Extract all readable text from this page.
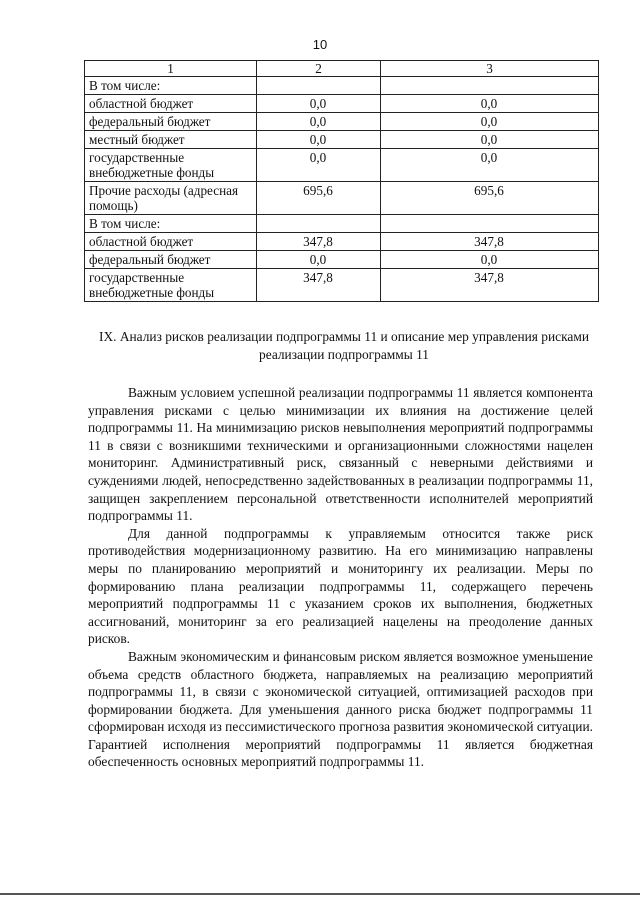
10
1	2	3
В том числе:		
областной бюджет	0,0	0,0
федеральный бюджет	0,0	0,0
местный бюджет	0,0	0,0
государственные внебюджетные фонды	0,0	0,0
Прочие расходы (адресная помощь)	695,6	695,6
В том числе:		
областной бюджет	347,8	347,8
федеральный бюджет	0,0	0,0
государственные внебюджетные фонды	347,8	347,8
IX. Анализ рисков реализации подпрограммы 11 и описание мер управления рисками реализации подпрограммы 11

Важным условием успешной реализации подпрограммы 11 является компонента управления рисками с целью минимизации их влияния на достижение целей подпрограммы 11. На минимизацию рисков невыполнения мероприятий подпрограммы 11 в связи с возникшими техническими и организационными сложностями нацелен мониторинг. Административный риск, связанный с неверными действиями и суждениями людей, непосредственно задействованных в реализации подпрограммы 11, защищен закреплением персональной ответственности исполнителей мероприятий подпрограммы 11.

Для данной подпрограммы к управляемым относится также риск противодействия модернизационному развитию. На его минимизацию направлены меры по планированию мероприятий и мониторингу их реализации. Меры по формированию плана реализации подпрограммы 11, содержащего перечень мероприятий подпрограммы 11 с указанием сроков их выполнения, бюджетных ассигнований, мониторинг за его реализацией нацелены на преодоление данных рисков.

Важным экономическим и финансовым риском является возможное уменьшение объема средств областного бюджета, направляемых на реализацию мероприятий подпрограммы 11, в связи с экономической ситуацией, оптимизацией расходов при формировании бюджета. Для уменьшения данного риска бюджет подпрограммы 11 сформирован исходя из пессимистического прогноза развития экономической ситуации. Гарантией исполнения мероприятий подпрограммы 11 является бюджетная обеспеченность основных мероприятий подпрограммы 11.
